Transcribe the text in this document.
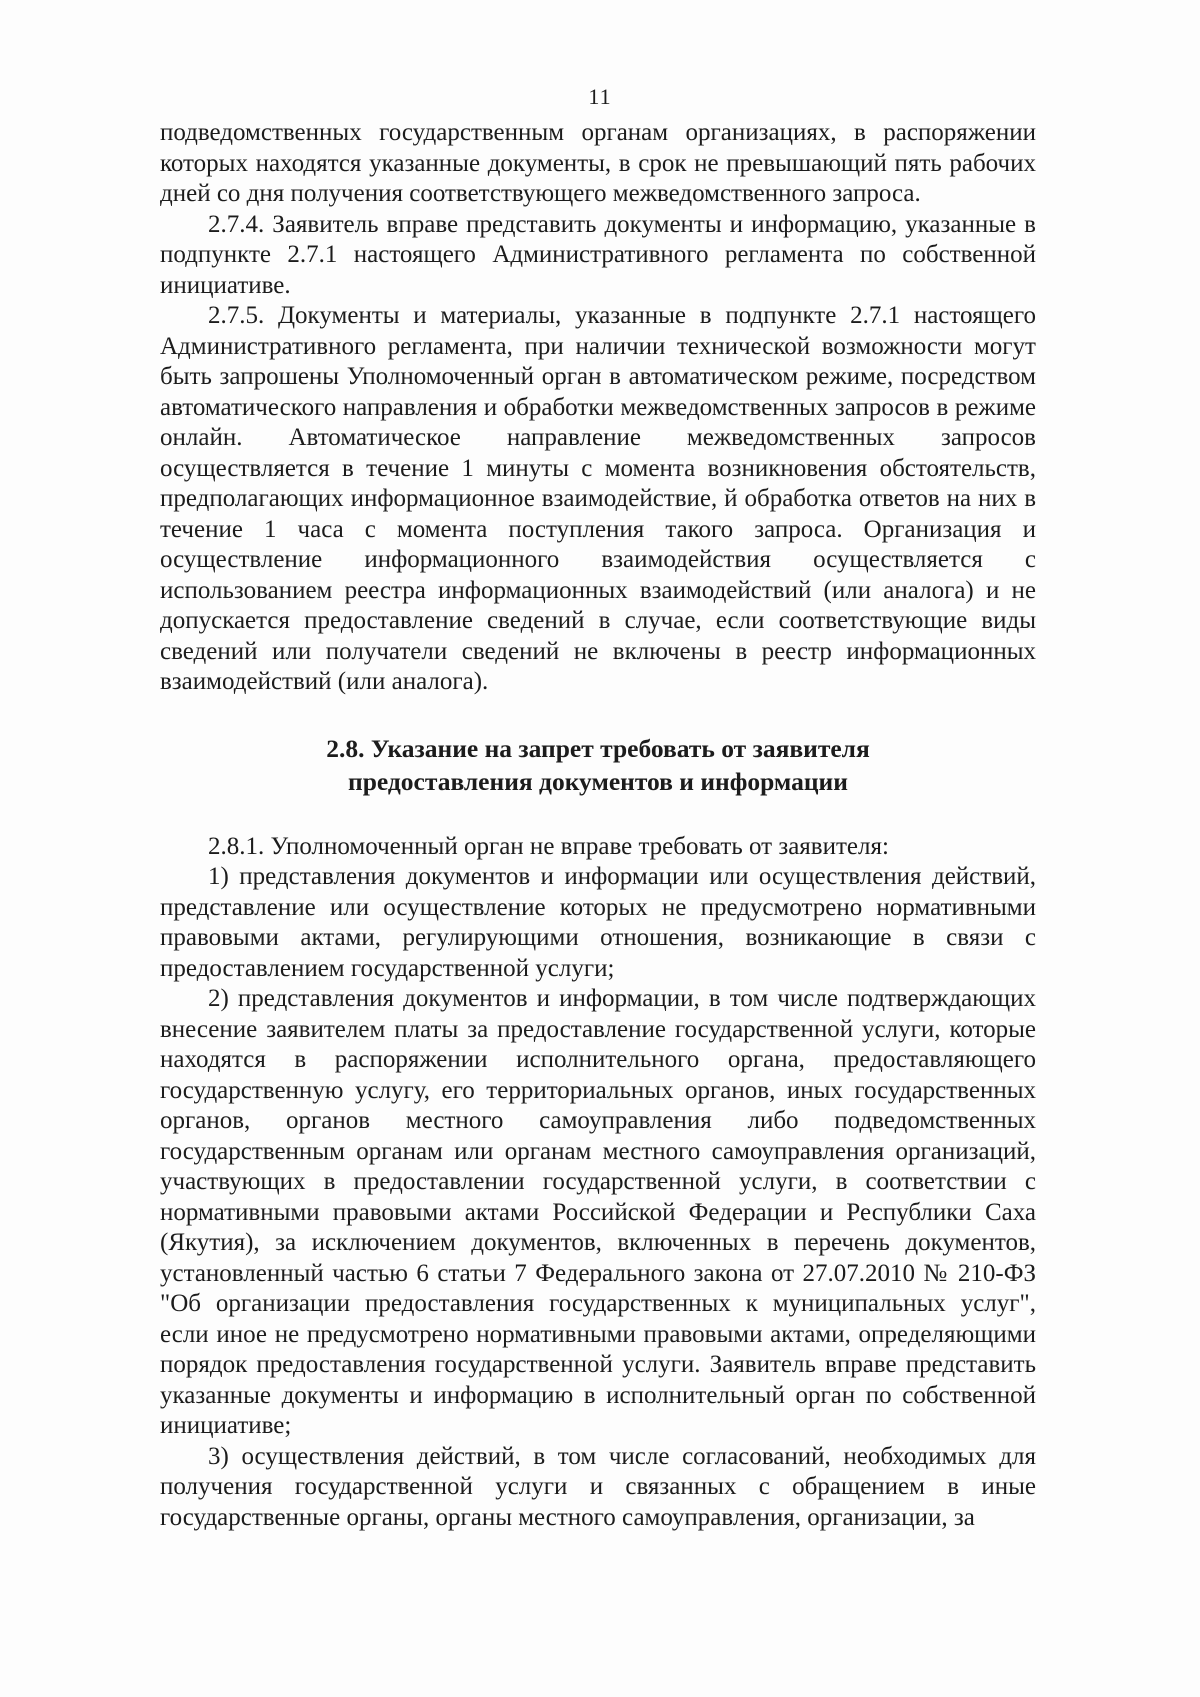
11

подведомственных государственным органам организациях, в распоряжении которых находятся указанные документы, в срок не превышающий пять рабочих дней со дня получения соответствующего межведомственного запроса.

2.7.4. Заявитель вправе представить документы и информацию, указанные в подпункте 2.7.1 настоящего Административного регламента по собственной инициативе.

2.7.5. Документы и материалы, указанные в подпункте 2.7.1 настоящего Административного регламента, при наличии технической возможности могут быть запрошены Уполномоченный орган в автоматическом режиме, посредством автоматического направления и обработки межведомственных запросов в режиме онлайн. Автоматическое направление межведомственных запросов осуществляется в течение 1 минуты с момента возникновения обстоятельств, предполагающих информационное взаимодействие, й обработка ответов на них в течение 1 часа с момента поступления такого запроса. Организация и осуществление информационного взаимодействия осуществляется с использованием реестра информационных взаимодействий (или аналога) и не допускается предоставление сведений в случае, если соответствующие виды сведений или получатели сведений не включены в реестр информационных взаимодействий (или аналога).

2.8. Указание на запрет требовать от заявителя
предоставления документов и информации

2.8.1. Уполномоченный орган не вправе требовать от заявителя:

1) представления документов и информации или осуществления действий, представление или осуществление которых не предусмотрено нормативными правовыми актами, регулирующими отношения, возникающие в связи с предоставлением государственной услуги;

2) представления документов и информации, в том числе подтверждающих внесение заявителем платы за предоставление государственной услуги, которые находятся в распоряжении исполнительного органа, предоставляющего государственную услугу, его территориальных органов, иных государственных органов, органов местного самоуправления либо подведомственных государственным органам или органам местного самоуправления организаций, участвующих в предоставлении государственной услуги, в соответствии с нормативными правовыми актами Российской Федерации и Республики Саха (Якутия), за исключением документов, включенных в перечень документов, установленный частью 6 статьи 7 Федерального закона от 27.07.2010 № 210-ФЗ "Об организации предоставления государственных к муниципальных услуг", если иное не предусмотрено нормативными правовыми актами, определяющими порядок предоставления государственной услуги. Заявитель вправе представить указанные документы и информацию в исполнительный орган по собственной инициативе;

3) осуществления действий, в том числе согласований, необходимых для получения государственной услуги и связанных с обращением в иные государственные органы, органы местного самоуправления, организации, за
